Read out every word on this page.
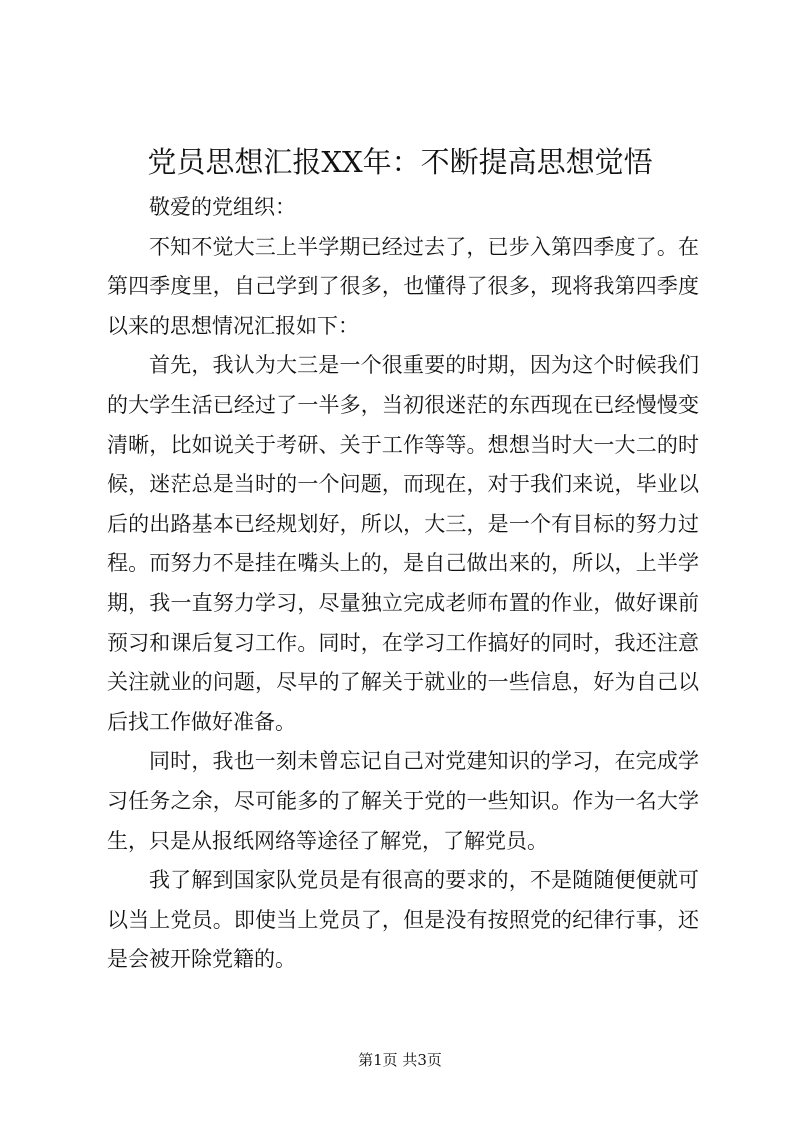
党员思想汇报XX年：不断提高思想觉悟

敬爱的党组织：

不知不觉大三上半学期已经过去了，已步入第四季度了。在第四季度里，自己学到了很多，也懂得了很多，现将我第四季度以来的思想情况汇报如下：

首先，我认为大三是一个很重要的时期，因为这个时候我们的大学生活已经过了一半多，当初很迷茫的东西现在已经慢慢变清晰，比如说关于考研、关于工作等等。想想当时大一大二的时候，迷茫总是当时的一个问题，而现在，对于我们来说，毕业以后的出路基本已经规划好，所以，大三，是一个有目标的努力过程。而努力不是挂在嘴头上的，是自己做出来的，所以，上半学期，我一直努力学习，尽量独立完成老师布置的作业，做好课前预习和课后复习工作。同时，在学习工作搞好的同时，我还注意关注就业的问题，尽早的了解关于就业的一些信息，好为自己以后找工作做好准备。

同时，我也一刻未曾忘记自己对党建知识的学习，在完成学习任务之余，尽可能多的了解关于党的一些知识。作为一名大学生，只是从报纸网络等途径了解党，了解党员。

我了解到国家队党员是有很高的要求的，不是随随便便就可以当上党员。即使当上党员了，但是没有按照党的纪律行事，还是会被开除党籍的。

第1页 共3页
